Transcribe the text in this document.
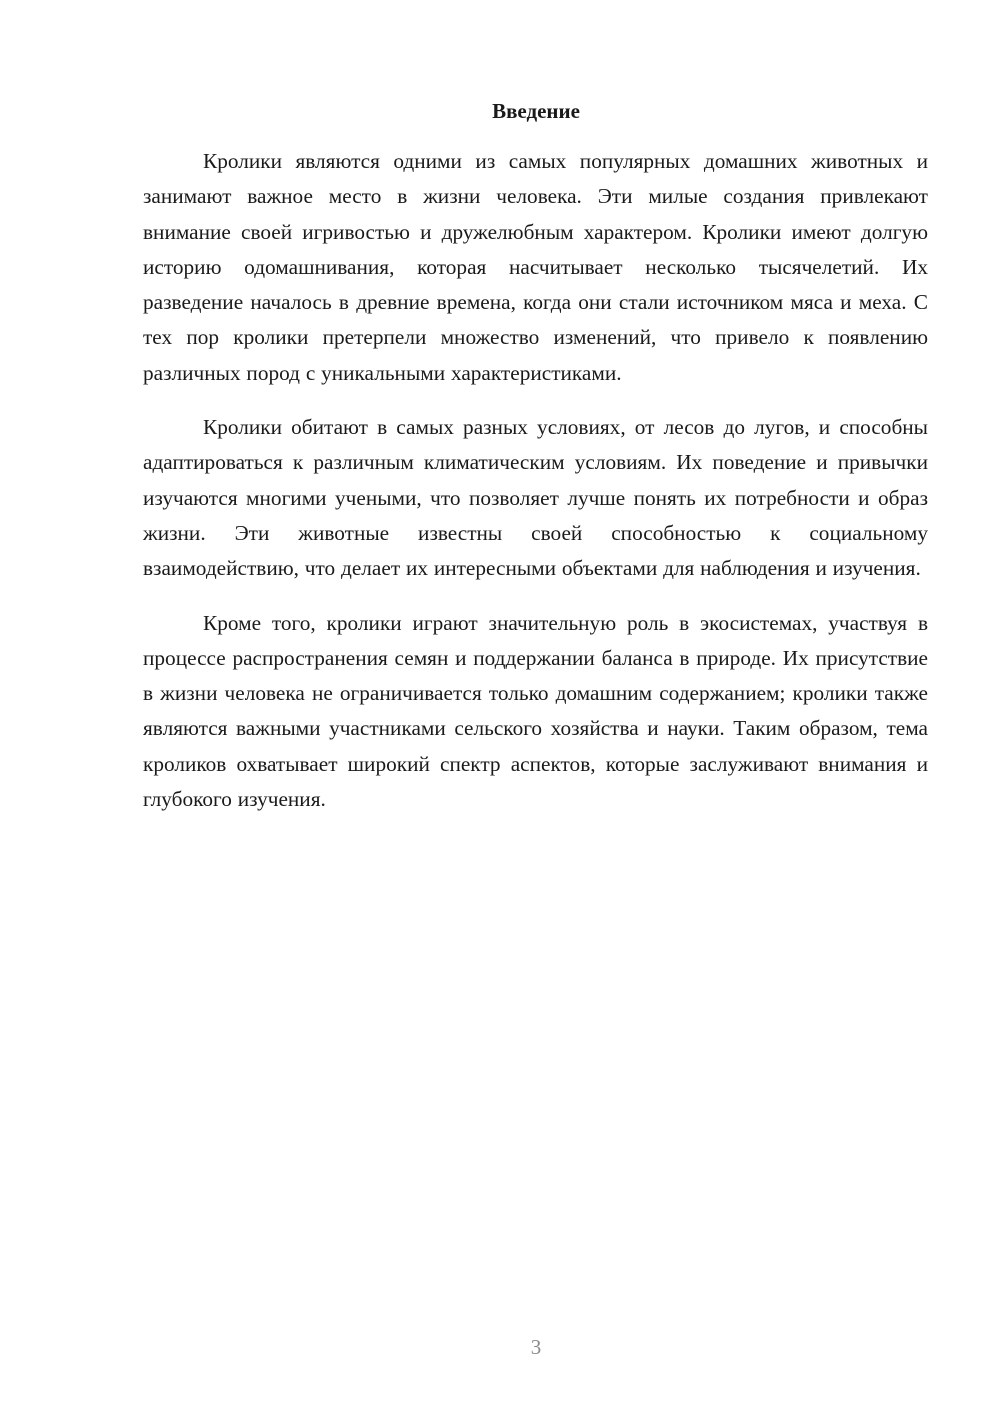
Введение

Кролики являются одними из самых популярных домашних животных и занимают важное место в жизни человека. Эти милые создания привлекают внимание своей игривостью и дружелюбным характером. Кролики имеют долгую историю одомашнивания, которая насчитывает несколько тысячелетий. Их разведение началось в древние времена, когда они стали источником мяса и меха. С тех пор кролики претерпели множество изменений, что привело к появлению различных пород с уникальными характеристиками.

Кролики обитают в самых разных условиях, от лесов до лугов, и способны адаптироваться к различным климатическим условиям. Их поведение и привычки изучаются многими учеными, что позволяет лучше понять их потребности и образ жизни. Эти животные известны своей способностью к социальному взаимодействию, что делает их интересными объектами для наблюдения и изучения.

Кроме того, кролики играют значительную роль в экосистемах, участвуя в процессе распространения семян и поддержании баланса в природе. Их присутствие в жизни человека не ограничивается только домашним содержанием; кролики также являются важными участниками сельского хозяйства и науки. Таким образом, тема кроликов охватывает широкий спектр аспектов, которые заслуживают внимания и глубокого изучения.

3
